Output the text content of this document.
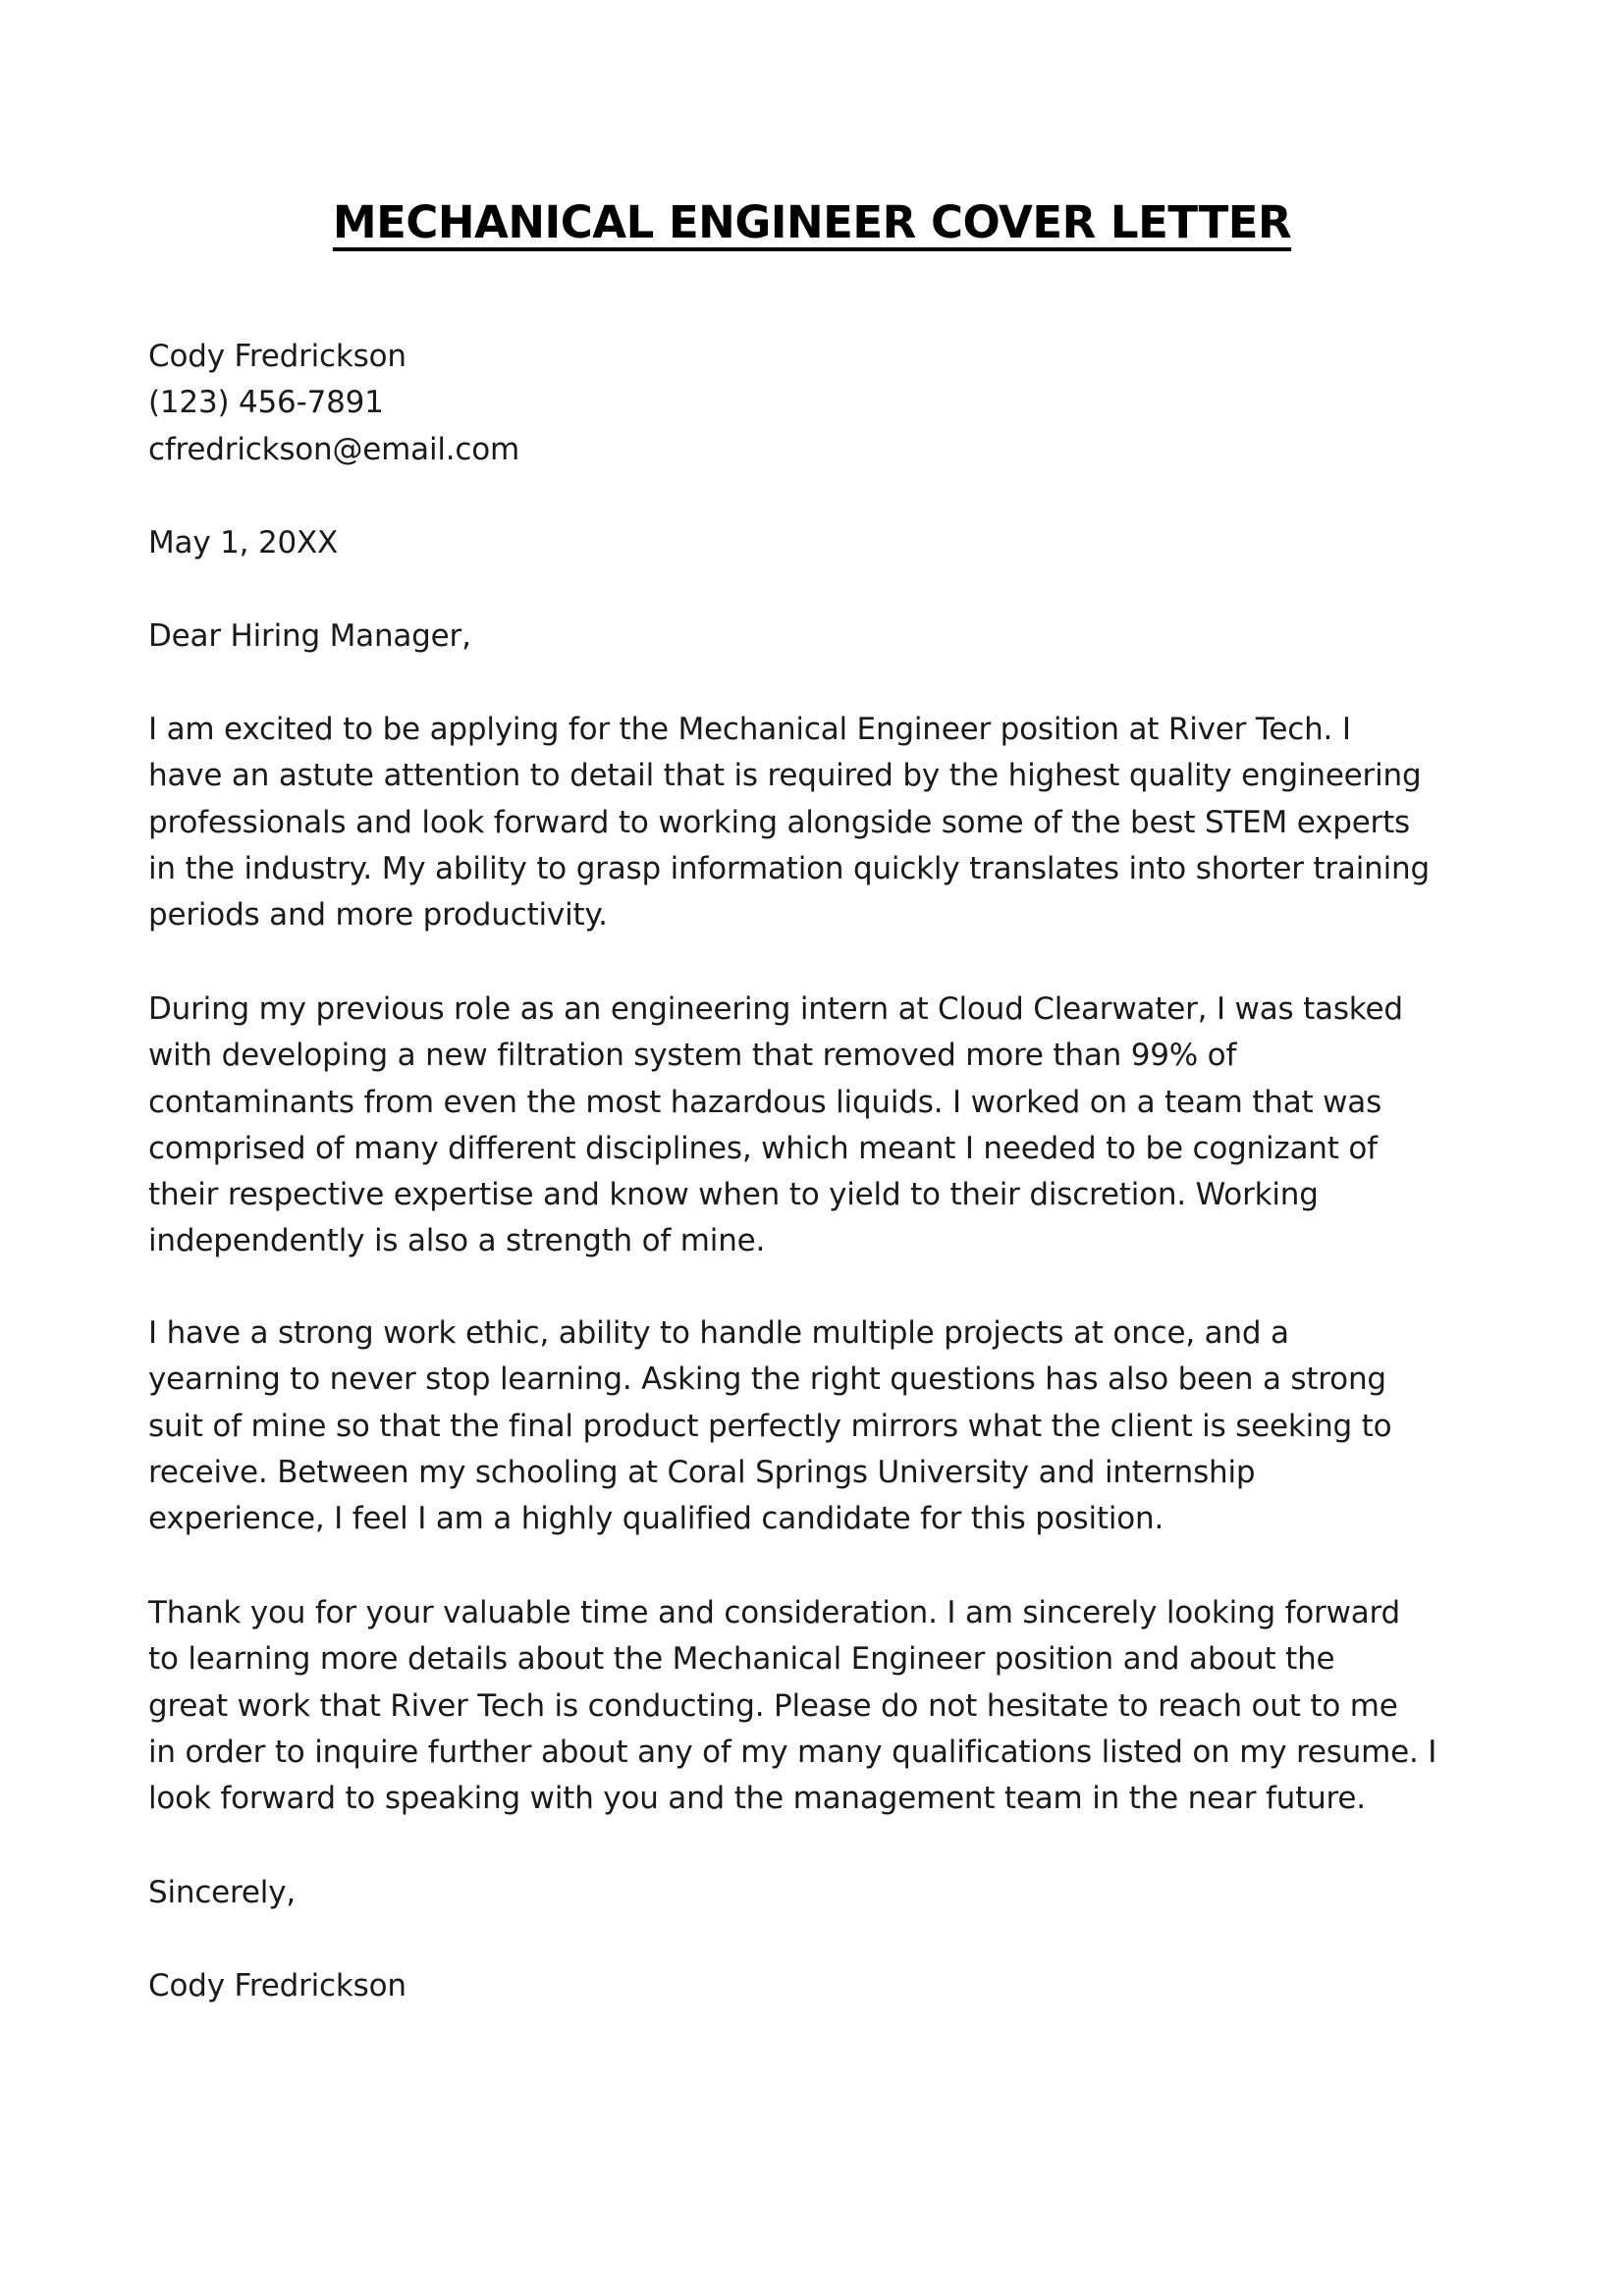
MECHANICAL ENGINEER COVER LETTER
Cody Fredrickson
(123) 456-7891
cfredrickson@email.com
May 1, 20XX
Dear Hiring Manager,
I am excited to be applying for the Mechanical Engineer position at River Tech. I
have an astute attention to detail that is required by the highest quality engineering
professionals and look forward to working alongside some of the best STEM experts
in the industry. My ability to grasp information quickly translates into shorter training
periods and more productivity.
During my previous role as an engineering intern at Cloud Clearwater, I was tasked
with developing a new filtration system that removed more than 99% of
contaminants from even the most hazardous liquids. I worked on a team that was
comprised of many different disciplines, which meant I needed to be cognizant of
their respective expertise and know when to yield to their discretion. Working
independently is also a strength of mine.
I have a strong work ethic, ability to handle multiple projects at once, and a
yearning to never stop learning. Asking the right questions has also been a strong
suit of mine so that the final product perfectly mirrors what the client is seeking to
receive. Between my schooling at Coral Springs University and internship
experience, I feel I am a highly qualified candidate for this position.
Thank you for your valuable time and consideration. I am sincerely looking forward
to learning more details about the Mechanical Engineer position and about the
great work that River Tech is conducting. Please do not hesitate to reach out to me
in order to inquire further about any of my many qualifications listed on my resume. I
look forward to speaking with you and the management team in the near future.
Sincerely,
Cody Fredrickson
